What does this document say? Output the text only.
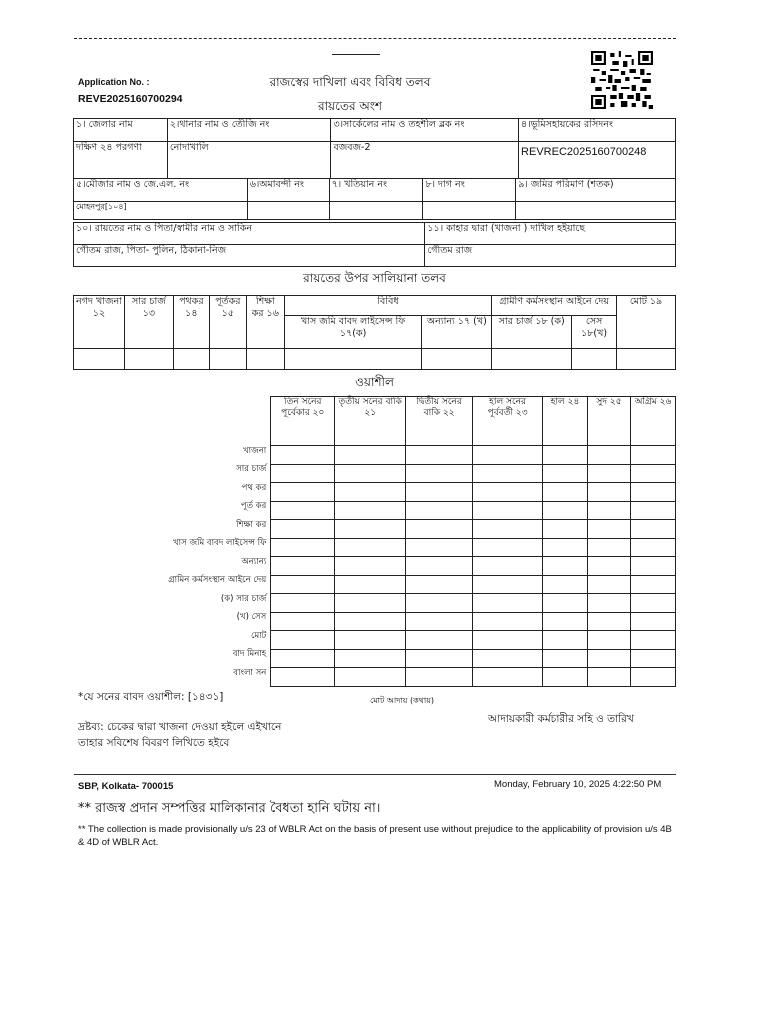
Application No. :
REVE2025160700294
রাজস্বের দাখিলা এবং বিবিধ তলব
রায়তের অংশ
১। জেলার নাম	২।থানার নাম ও তৌজি নং	৩।সার্কেলের নাম ও তহশীল ব্লক নং	৪।ভূমিসহায়কের রসিদনং
দক্ষিণ ২৪ পরগণা	নোদাখালি	বজবজ-2	REVREC2025160700248
৫।মৌজার নাম ও জে.এল. নং	৬।অমাবন্দী নং	৭। খতিয়ান নং	৮। দাগ নং	৯। জমির পরিমাণ (শতক)
মোহনপুর[১০৪]				
১০। রায়তের নাম ও পিতা/স্বামীর নাম ও সাকিন	১১। কাহার দ্বারা (খাজনা ) দাখিল হইয়াছে
গৌতম রাজ, পিতা- পুলিন, ঠিকানা-নিজ	গৌতম রাজ
রায়তের উপর সালিয়ানা তলব
নগদ খাজনা ১২	সার চার্জ ১৩	পথকর ১৪	পূর্তকর ১৫	শিক্ষা কর ১৬	বিবিধ		গ্রামীণ কর্মসংস্থান আইনে দেয়		মোট ১৯
					খাস জমি বাবদ লাইসেন্স ফি ১৭(ক)	অন্যান্য ১৭ (খ)	সার চার্জ ১৮ (ক)	সেস ১৮(খ)	

ওয়াশীল
	তিন সনের পূর্বেকার ২০	তৃতীয় সনের বাকি ২১	দ্বিতীয় সনের বাকি ২২	হাল সনের পূর্ববর্তী ২৩	হাল ২৪	সুদ ২৫	অগ্রিম ২৬
খাজনা							
সার চার্জ							
পথ কর							
পূর্ত কর							
শিক্ষা কর							
খাস জমি বাবদ লাইসেন্স ফি							
অন্যান্য							
গ্রামিন কর্মসংস্থান আইনে দেয়							
(ক) সার চার্জ							
(খ) সেস							
মোট							
বাদ মিনাহ							
বাংলা সন							
*যে সনের বাবদ ওয়াশীল: [১৪৩১]	মোট আদায় (কথায়)
আদায়কারী কর্মচারীর সহি ও তারিখ
দ্রষ্টব্য: চেকের দ্বারা খাজনা দেওয়া হইলে এইখানে তাহার সবিশেষ বিবরণ লিখিতে হইবে
SBP, Kolkata- 700015	Monday, February 10, 2025 4:22:50 PM
** রাজস্ব প্রদান সম্পত্তির মালিকানার বৈধতা হানি ঘটায় না।
** The collection is made provisionally u/s 23 of WBLR Act on the basis of present use without prejudice to the applicability of provision u/s 4B & 4D of WBLR Act.
